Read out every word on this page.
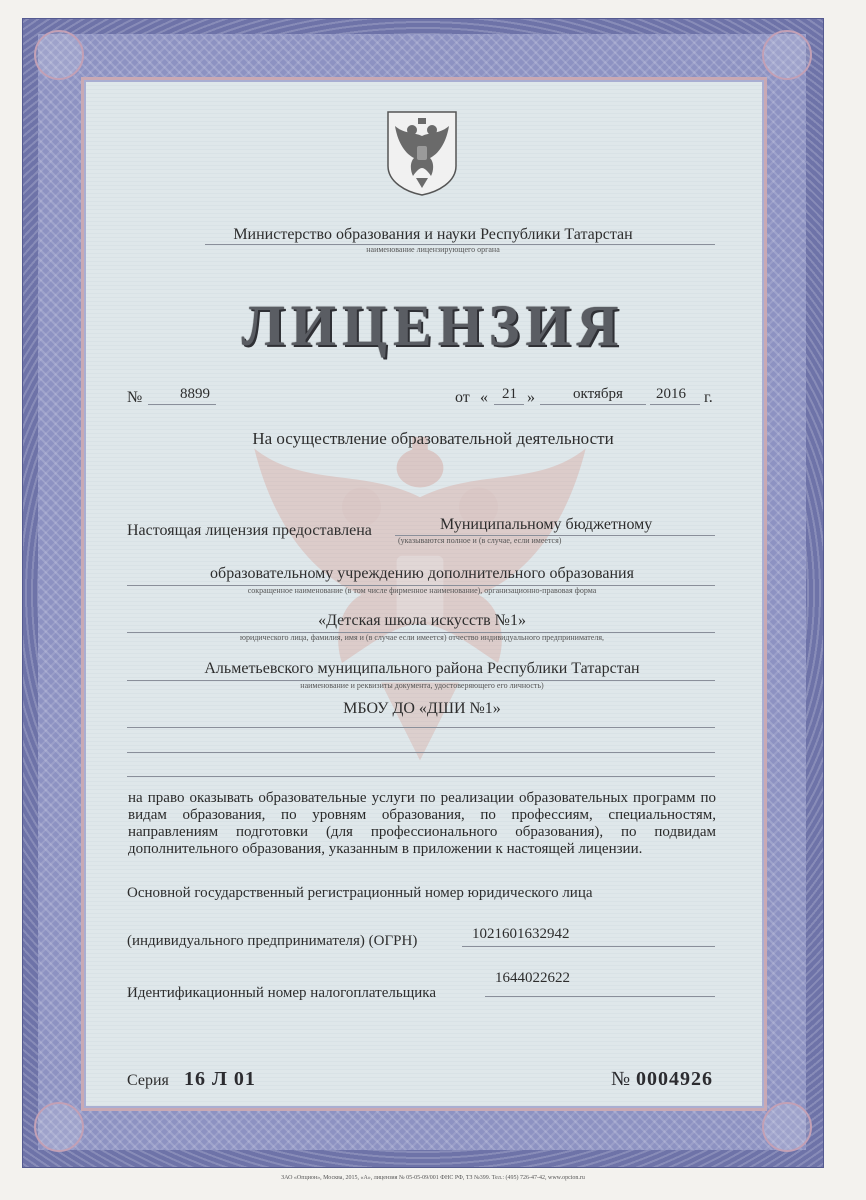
Министерство образования и науки Республики Татарстан
наименование лицензирующего органа
ЛИЦЕНЗИЯ
№	8899	от « 21 »	октября 2016 г.
На осуществление образовательной деятельности
Настоящая лицензия предоставлена	Муниципальному бюджетному
(указываются полное и (в случае, если имеется)
образовательному учреждению дополнительного образования
сокращенное наименование (в том числе фирменное наименование), организационно-правовая форма
«Детская школа искусств №1»
юридического лица, фамилия, имя и (в случае если имеется) отчество индивидуального предпринимателя,
Альметьевского муниципального района Республики Татарстан
наименование и реквизиты документа, удостоверяющего его личность)
МБОУ ДО «ДШИ №1»
на право оказывать образовательные услуги по реализации образовательных программ по видам образования, по уровням образования, по профессиям, специальностям, направлениям подготовки (для профессионального образования), по подвидам дополнительного образования, указанным в приложении к настоящей лицензии.
Основной государственный регистрационный номер юридического лица
(индивидуального предпринимателя) (ОГРН)	1021601632942
Идентификационный номер налогоплательщика
1644022622
Серия 16 Л 01	№ 0004926
ЗАО «Опцион», Москва, 2015, «А», лицензия № 05-05-09/001 ФНС РФ, ТЗ №399. Тел.: (495) 726-47-42, www.opcion.ru
